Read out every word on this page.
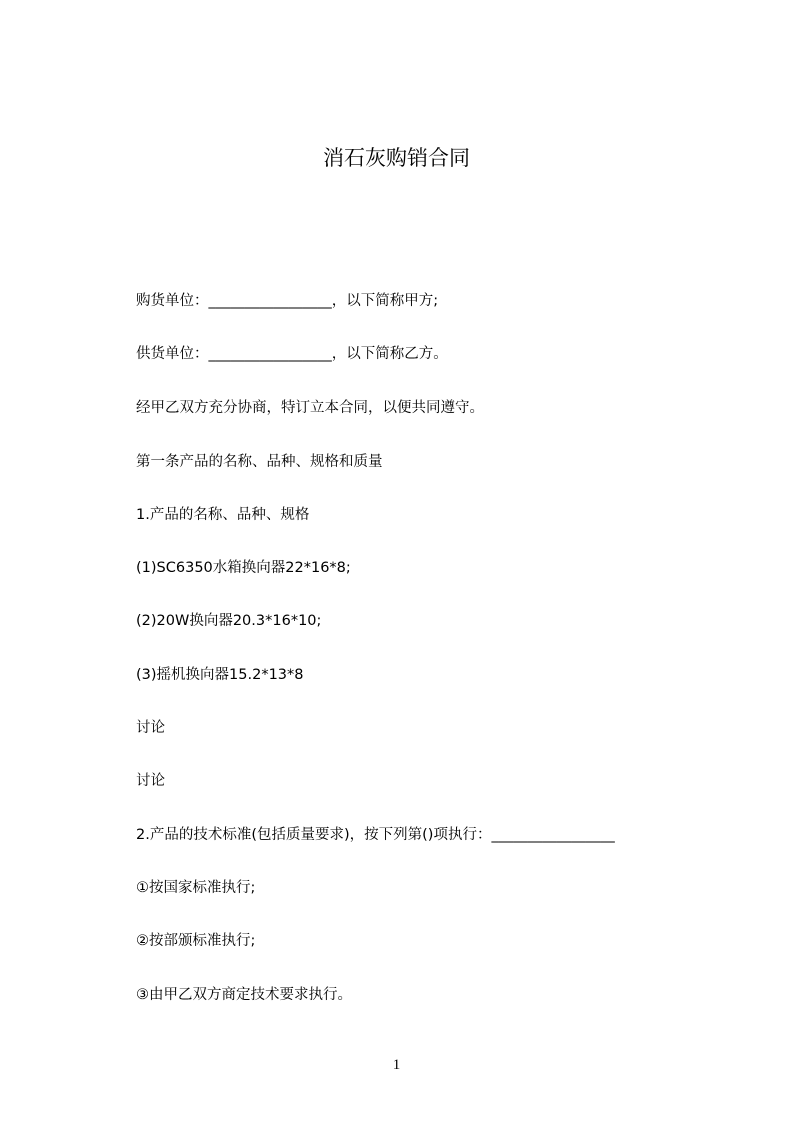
消石灰购销合同
购货单位：_________________，以下简称甲方;
供货单位：_________________，以下简称乙方。
经甲乙双方充分协商，特订立本合同，以便共同遵守。
第一条产品的名称、品种、规格和质量
1.产品的名称、品种、规格
(1)SC6350水箱换向器22*16*8;
(2)20W换向器20.3*16*10;
(3)摇机换向器15.2*13*8
讨论
讨论
2.产品的技术标准(包括质量要求)，按下列第()项执行：_________________
①按国家标准执行;
②按部颁标准执行;
③由甲乙双方商定技术要求执行。
1
